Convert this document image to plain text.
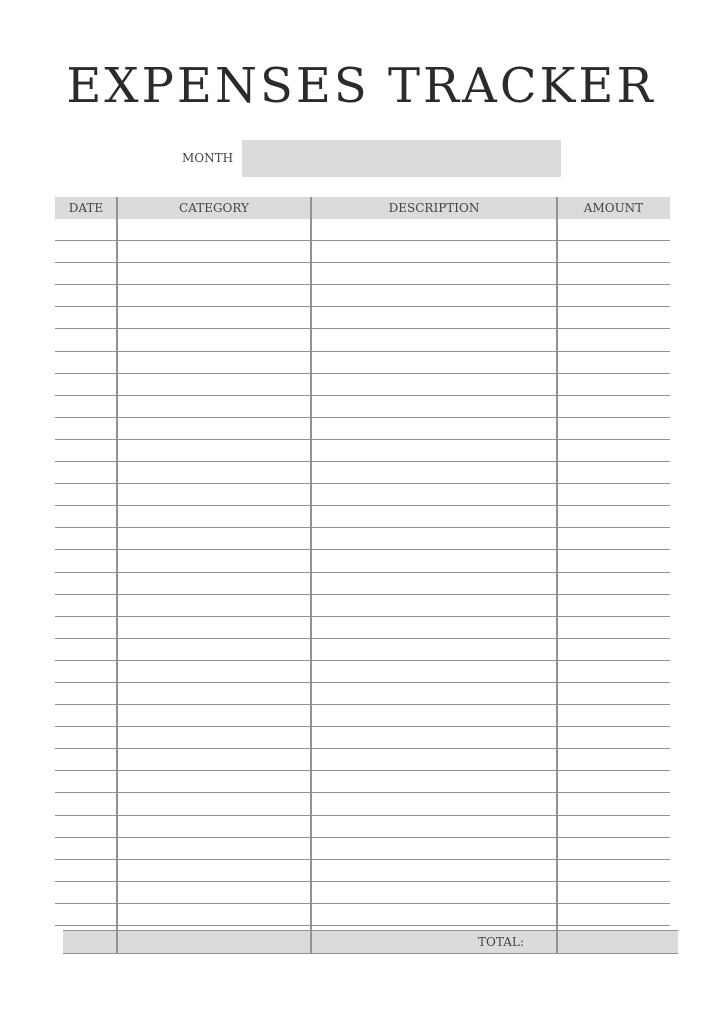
EXPENSES TRACKER
MONTH
DATE	CATEGORY	DESCRIPTION	AMOUNT
TOTAL:
